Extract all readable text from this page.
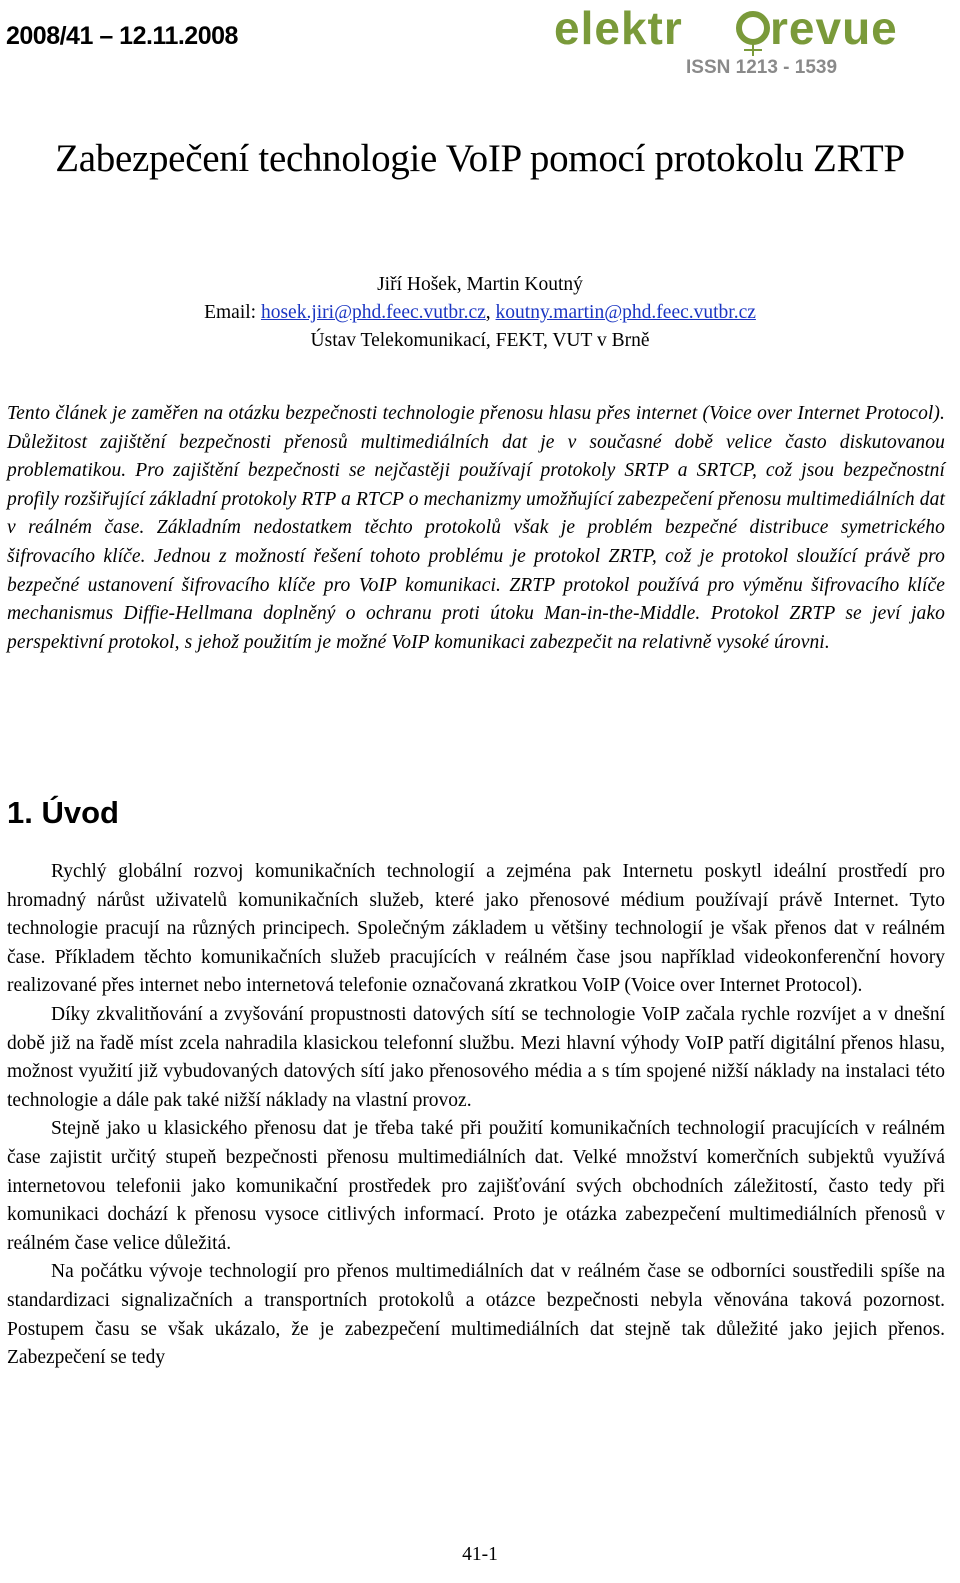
2008/41 – 12.11.2008	elektr revue
ISSN 1213 - 1539
Zabezpečení technologie VoIP pomocí protokolu ZRTP
Jiří Hošek, Martin Koutný
Email: hosek.jiri@phd.feec.vutbr.cz, koutny.martin@phd.feec.vutbr.cz
Ústav Telekomunikací, FEKT, VUT v Brně
Tento článek je zaměřen na otázku bezpečnosti technologie přenosu hlasu přes internet (Voice over Internet Protocol). Důležitost zajištění bezpečnosti přenosů multimediálních dat je v současné době velice často diskutovanou problematikou. Pro zajištění bezpečnosti se nejčastěji používají protokoly SRTP a SRTCP, což jsou bezpečnostní profily rozšiřující základní protokoly RTP a RTCP o mechanizmy umožňující zabezpečení přenosu multimediálních dat v reálném čase. Základním nedostatkem těchto protokolů však je problém bezpečné distribuce symetrického šifrovacího klíče. Jednou z možností řešení tohoto problému je protokol ZRTP, což je protokol sloužící právě pro bezpečné ustanovení šifrovacího klíče pro VoIP komunikaci. ZRTP protokol používá pro výměnu šifrovacího klíče mechanismus Diffie-Hellmana doplněný o ochranu proti útoku Man-in-the-Middle. Protokol ZRTP se jeví jako perspektivní protokol, s jehož použitím je možné VoIP komunikaci zabezpečit na relativně vysoké úrovni.
1. Úvod

Rychlý globální rozvoj komunikačních technologií a zejména pak Internetu poskytl ideální prostředí pro hromadný nárůst uživatelů komunikačních služeb, které jako přenosové médium používají právě Internet. Tyto technologie pracují na různých principech. Společným základem u většiny technologií je však přenos dat v reálném čase. Příkladem těchto komunikačních služeb pracujících v reálném čase jsou například videokonferenční hovory realizované přes internet nebo internetová telefonie označovaná zkratkou VoIP (Voice over Internet Protocol).

Díky zkvalitňování a zvyšování propustnosti datových sítí se technologie VoIP začala rychle rozvíjet a v dnešní době již na řadě míst zcela nahradila klasickou telefonní službu. Mezi hlavní výhody VoIP patří digitální přenos hlasu, možnost využití již vybudovaných datových sítí jako přenosového média a s tím spojené nižší náklady na instalaci této technologie a dále pak také nižší náklady na vlastní provoz.

Stejně jako u klasického přenosu dat je třeba také při použití komunikačních technologií pracujících v reálném čase zajistit určitý stupeň bezpečnosti přenosu multimediálních dat. Velké množství komerčních subjektů využívá internetovou telefonii jako komunikační prostředek pro zajišťování svých obchodních záležitostí, často tedy při komunikaci dochází k přenosu vysoce citlivých informací. Proto je otázka zabezpečení multimediálních přenosů v reálném čase velice důležitá.

Na počátku vývoje technologií pro přenos multimediálních dat v reálném čase se odborníci soustředili spíše na standardizaci signalizačních a transportních protokolů a otázce bezpečnosti nebyla věnována taková pozornost. Postupem času se však ukázalo, že je zabezpečení multimediálních dat stejně tak důležité jako jejich přenos. Zabezpečení se tedy

41-1
